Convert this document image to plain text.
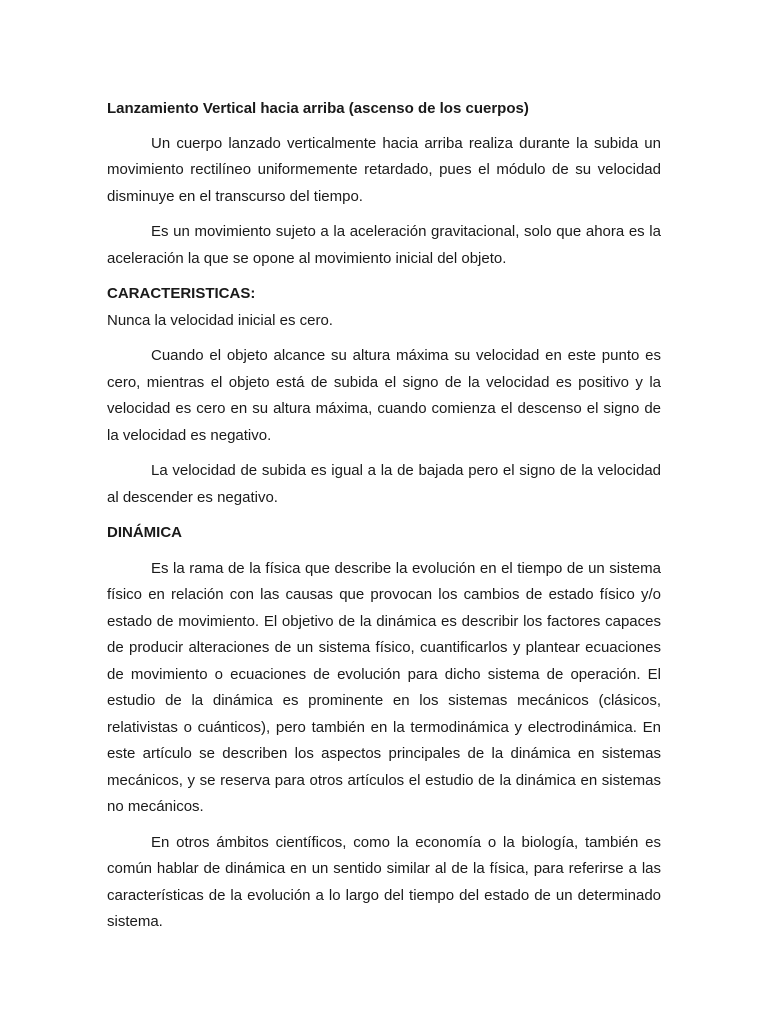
Lanzamiento Vertical hacia arriba (ascenso de los cuerpos)

Un cuerpo lanzado verticalmente hacia arriba realiza durante la subida un movimiento rectilíneo uniformemente retardado, pues el módulo de su velocidad disminuye en el transcurso del tiempo.

Es un movimiento sujeto a la aceleración gravitacional, solo que ahora es la aceleración la que se opone al movimiento inicial del objeto.

CARACTERISTICAS:

Nunca la velocidad inicial es cero.

Cuando el objeto alcance su altura máxima su velocidad en este punto es cero, mientras el objeto está de subida el signo de la velocidad es positivo y la velocidad es cero en su altura máxima, cuando comienza el descenso el signo de la velocidad es negativo.

La velocidad de subida es igual a la de bajada pero el signo de la velocidad al descender es negativo.

DINÁMICA

Es la rama de la física que describe la evolución en el tiempo de un sistema físico en relación con las causas que provocan los cambios de estado físico y/o estado de movimiento. El objetivo de la dinámica es describir los factores capaces de producir alteraciones de un sistema físico, cuantificarlos y plantear ecuaciones de movimiento o ecuaciones de evolución para dicho sistema de operación. El estudio de la dinámica es prominente en los sistemas mecánicos (clásicos, relativistas o cuánticos), pero también en la termodinámica y electrodinámica. En este artículo se describen los aspectos principales de la dinámica en sistemas mecánicos, y se reserva para otros artículos el estudio de la dinámica en sistemas no mecánicos.

En otros ámbitos científicos, como la economía o la biología, también es común hablar de dinámica en un sentido similar al de la física, para referirse a las características de la evolución a lo largo del tiempo del estado de un determinado sistema.
